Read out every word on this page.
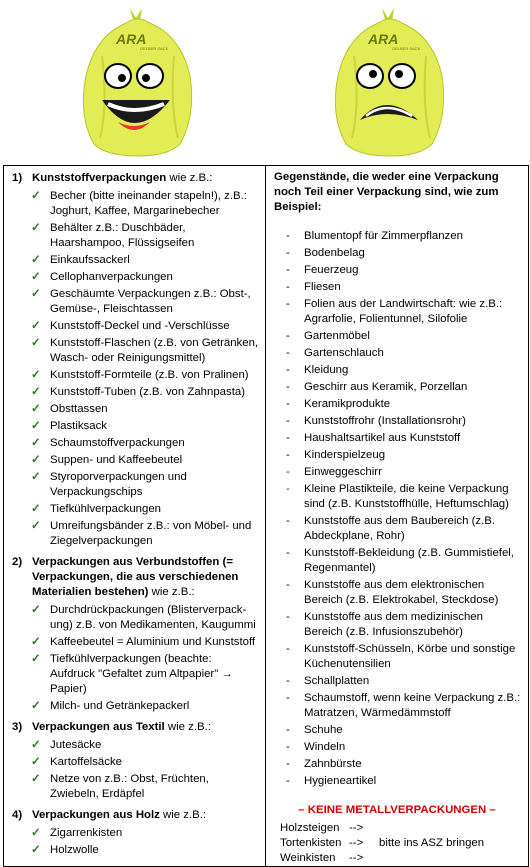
ARA
GELBER SACK
ARA
GELBER SACK
1) Kunststoffverpackungen wie z.B.:
✓ Becher (bitte ineinander stapeln!), z.B.: Joghurt, Kaffee, Margarinebecher
✓ Behälter z.B.: Duschbäder, Haarshampoo, Flüssigseifen
✓ Einkaufssackerl
✓ Cellophanverpackungen
✓ Geschäumte Verpackungen z.B.: Obst-, Gemüse-, Fleischtassen
✓ Kunststoff-Deckel und -Verschlüsse
✓ Kunststoff-Flaschen (z.B. von Getränken, Wasch- oder Reinigungsmittel)
✓ Kunststoff-Formteile (z.B. von Pralinen)
✓ Kunststoff-Tuben (z.B. von Zahnpasta)
✓ Obsttassen
✓ Plastiksack
✓ Schaumstoffverpackungen
✓ Suppen- und Kaffeebeutel
✓ Styroporverpackungen und Verpackungschips
✓ Tiefkühlverpackungen
✓ Umreifungsbänder z.B.: von Möbel- und Ziegelverpackungen
2) Verpackungen aus Verbundstoffen (= Verpackungen, die aus verschiedenen Materialien bestehen) wie z.B.:
✓ Durchdrückpackungen (Blisterverpack-ung) z.B. von Medikamenten, Kaugummi
✓ Kaffeebeutel = Aluminium und Kunststoff
✓ Tiefkühlverpackungen (beachte: Aufdruck "Gefaltet zum Altpapier" → Papier)
✓ Milch- und Getränkepackerl
3) Verpackungen aus Textil wie z.B.:
✓ Jutesäcke
✓ Kartoffelsäcke
✓ Netze von z.B.: Obst, Früchten, Zwiebeln, Erdäpfel
4) Verpackungen aus Holz wie z.B.:
✓ Zigarrenkisten
✓ Holzwolle

Gegenstände, die weder eine Verpackung noch Teil einer Verpackung sind, wie zum Beispiel:
- Blumentopf für Zimmerpflanzen
- Bodenbelag
- Feuerzeug
- Fliesen
- Folien aus der Landwirtschaft: wie z.B.: Agrarfolie, Folientunnel, Silofolie
- Gartenmöbel
- Gartenschlauch
- Kleidung
- Geschirr aus Keramik, Porzellan
- Keramikprodukte
- Kunststoffrohr (Installationsrohr)
- Haushaltsartikel aus Kunststoff
- Kinderspielzeug
- Einweggeschirr
- Kleine Plastikteile, die keine Verpackung sind (z.B. Kunststoffhülle, Heftumschlag)
- Kunststoffe aus dem Baubereich (z.B. Abdeckplane, Rohr)
- Kunststoff-Bekleidung (z.B. Gummistiefel, Regenmantel)
- Kunststoffe aus dem elektronischen Bereich (z.B. Elektrokabel, Steckdose)
- Kunststoffe aus dem medizinischen Bereich (z.B. Infusionszubehör)
- Kunststoff-Schüsseln, Körbe und sonstige Küchenutensilien
- Schallplatten
- Schaumstoff, wenn keine Verpackung z.B.: Matratzen, Wärmedämmstoff
- Schuhe
- Windeln
- Zahnbürste
- Hygieneartikel
– KEINE METALLVERPACKUNGEN –
Holzsteigen -->
Tortenkisten --> bitte ins ASZ bringen
Weinkisten -->
